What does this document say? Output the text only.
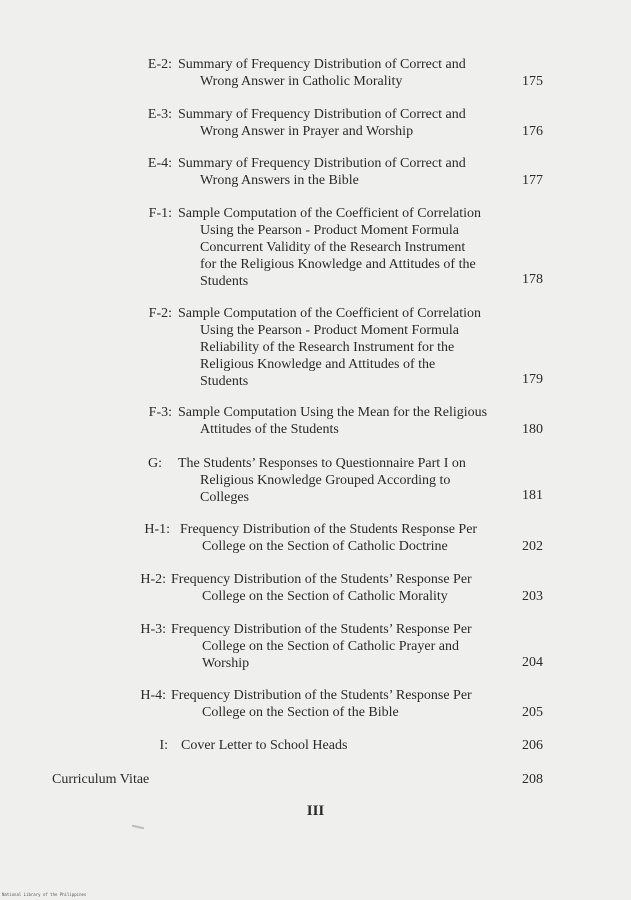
E-2: Summary of Frequency Distribution of Correct and
Wrong Answer in Catholic Morality	175
E-3: Summary of Frequency Distribution of Correct and
Wrong Answer in Prayer and Worship	176
E-4: Summary of Frequency Distribution of Correct and
Wrong Answers in the Bible	177
F-1: Sample Computation of the Coefficient of Correlation
Using the Pearson - Product Moment Formula
Concurrent Validity of the Research Instrument
for the Religious Knowledge and Attitudes of the
Students	178
F-2: Sample Computation of the Coefficient of Correlation
Using the Pearson - Product Moment Formula
Reliability of the Research Instrument for the
Religious Knowledge and Attitudes of the
Students	179
F-3: Sample Computation Using the Mean for the Religious
Attitudes of the Students	180
G: The Students’ Responses to Questionnaire Part I on
Religious Knowledge Grouped According to
Colleges	181
H-1: Frequency Distribution of the Students Response Per
College on the Section of Catholic Doctrine	202
H-2: Frequency Distribution of the Students’ Response Per
College on the Section of Catholic Morality	203
H-3: Frequency Distribution of the Students’ Response Per
College on the Section of Catholic Prayer and
Worship	204
H-4: Frequency Distribution of the Students’ Response Per
College on the Section of the Bible	205
I: Cover Letter to School Heads	206
Curriculum Vitae	208
III
National Library of the Philippines
